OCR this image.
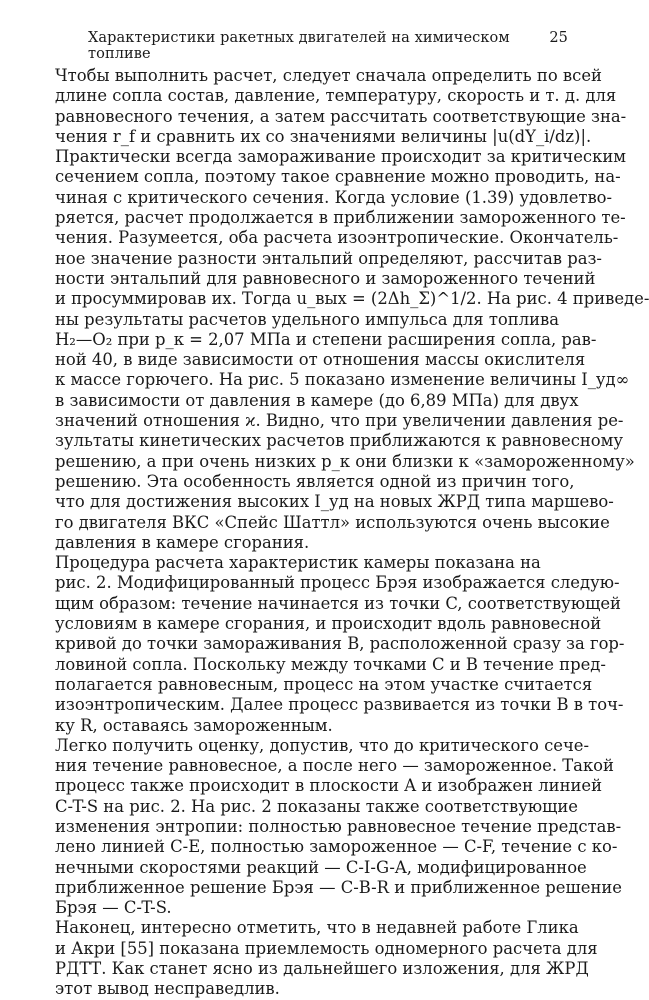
Характеристики ракетных двигателей на химическом топливе
25
Чтобы выполнить расчет, следует сначала определить по всей
длине сопла состав, давление, температуру, скорость и т. д. для
равновесного течения, а затем рассчитать соответствующие зна-
чения r_f и сравнить их со значениями величины |u(dY_i/dz)|.
Практически всегда замораживание происходит за критическим
сечением сопла, поэтому такое сравнение можно проводить, на-
чиная с критического сечения. Когда условие (1.39) удовлетво-
ряется, расчет продолжается в приближении замороженного те-
чения. Разумеется, оба расчета изоэнтропические. Окончатель-
ное значение разности энтальпий определяют, рассчитав раз-
ности энтальпий для равновесного и замороженного течений
и просуммировав их. Тогда u_вых = (2Δh_Σ)^1/2. На рис. 4 приведе-
ны результаты расчетов удельного импульса для топлива
H₂—O₂ при p_к = 2,07 МПа и степени расширения сопла, рав-
ной 40, в виде зависимости от отношения массы окислителя
к массе горючего. На рис. 5 показано изменение величины I_уд∞
в зависимости от давления в камере (до 6,89 МПа) для двух
значений отношения ϰ. Видно, что при увеличении давления ре-
зультаты кинетических расчетов приближаются к равновесному
решению, а при очень низких p_к они близки к «замороженному»
решению. Эта особенность является одной из причин того,
что для достижения высоких I_уд на новых ЖРД типа маршево-
го двигателя ВКС «Спейс Шаттл» используются очень высокие
давления в камере сгорания.
Процедура расчета характеристик камеры показана на
рис. 2. Модифицированный процесс Брэя изображается следую-
щим образом: течение начинается из точки C, соответствующей
условиям в камере сгорания, и происходит вдоль равновесной
кривой до точки замораживания B, расположенной сразу за гор-
ловиной сопла. Поскольку между точками C и B течение пред-
полагается равновесным, процесс на этом участке считается
изоэнтропическим. Далее процесс развивается из точки B в точ-
ку R, оставаясь замороженным.
Легко получить оценку, допустив, что до критического сече-
ния течение равновесное, а после него — замороженное. Такой
процесс также происходит в плоскости A и изображен линией
C-T-S на рис. 2. На рис. 2 показаны также соответствующие
изменения энтропии: полностью равновесное течение представ-
лено линией C-E, полностью замороженное — C-F, течение с ко-
нечными скоростями реакций — C-I-G-A, модифицированное
приближенное решение Брэя — C-B-R и приближенное решение
Брэя — C-T-S.
Наконец, интересно отметить, что в недавней работе Глика
и Акри [55] показана приемлемость одномерного расчета для
РДТТ. Как станет ясно из дальнейшего изложения, для ЖРД
этот вывод несправедлив.
